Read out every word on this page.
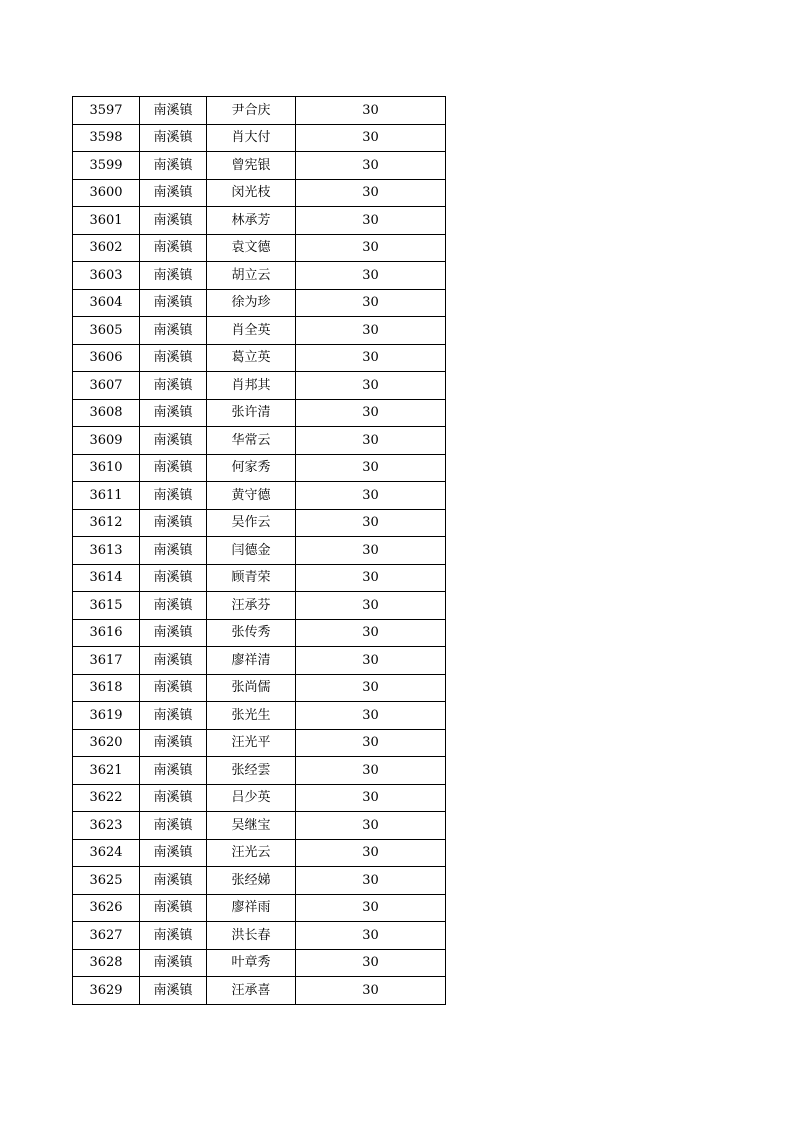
3597	南溪镇	尹合庆	30
3598	南溪镇	肖大付	30
3599	南溪镇	曾宪银	30
3600	南溪镇	闵光枝	30
3601	南溪镇	林承芳	30
3602	南溪镇	袁文德	30
3603	南溪镇	胡立云	30
3604	南溪镇	徐为珍	30
3605	南溪镇	肖全英	30
3606	南溪镇	葛立英	30
3607	南溪镇	肖邦其	30
3608	南溪镇	张许清	30
3609	南溪镇	华常云	30
3610	南溪镇	何家秀	30
3611	南溪镇	黄守德	30
3612	南溪镇	吴作云	30
3613	南溪镇	闫德金	30
3614	南溪镇	顾青荣	30
3615	南溪镇	汪承芬	30
3616	南溪镇	张传秀	30
3617	南溪镇	廖祥清	30
3618	南溪镇	张尚儒	30
3619	南溪镇	张光生	30
3620	南溪镇	汪光平	30
3621	南溪镇	张经雲	30
3622	南溪镇	吕少英	30
3623	南溪镇	吴继宝	30
3624	南溪镇	汪光云	30
3625	南溪镇	张经娣	30
3626	南溪镇	廖祥雨	30
3627	南溪镇	洪长春	30
3628	南溪镇	叶章秀	30
3629	南溪镇	汪承喜	30
